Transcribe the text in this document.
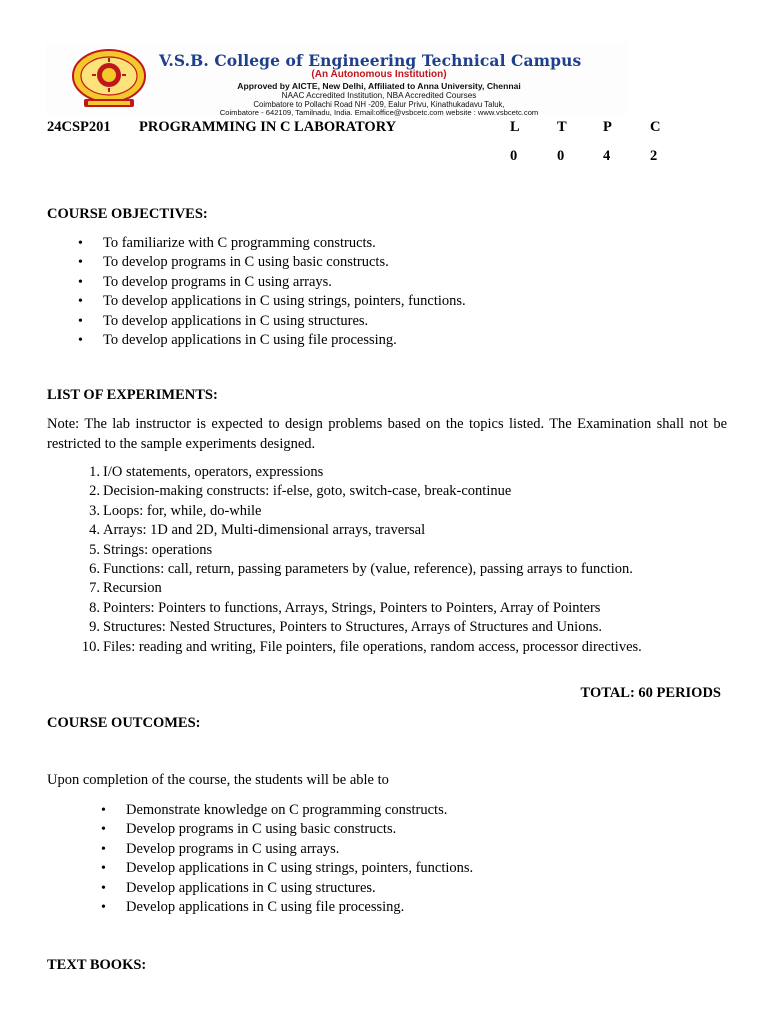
V.S.B. College of Engineering Technical Campus
(An Autonomous Institution)
Approved by AICTE, New Delhi, Affiliated to Anna University, Chennai
NAAC Accredited Institution, NBA Accredited Courses
Coimbatore to Pollachi Road NH -209, Ealur Privu, Kinathukadavu Taluk,
Coimbatore - 642109, Tamilnadu, India. Email:office@vsbcetc.com website : www.vsbcetc.com
24CSP201 PROGRAMMING IN C LABORATORY	L	T	P	C
0	0	4	2
COURSE OBJECTIVES:
• To familiarize with C programming constructs.
• To develop programs in C using basic constructs.
• To develop programs in C using arrays.
• To develop applications in C using strings, pointers, functions.
• To develop applications in C using structures.
• To develop applications in C using file processing.
LIST OF EXPERIMENTS:
Note: The lab instructor is expected to design problems based on the topics listed. The Examination shall not be restricted to the sample experiments designed.
1. I/O statements, operators, expressions
2. Decision-making constructs: if-else, goto, switch-case, break-continue
3. Loops: for, while, do-while
4. Arrays: 1D and 2D, Multi-dimensional arrays, traversal
5. Strings: operations
6. Functions: call, return, passing parameters by (value, reference), passing arrays to function.
7. Recursion
8. Pointers: Pointers to functions, Arrays, Strings, Pointers to Pointers, Array of Pointers
9. Structures: Nested Structures, Pointers to Structures, Arrays of Structures and Unions.
10. Files: reading and writing, File pointers, file operations, random access, processor directives.
TOTAL: 60 PERIODS
COURSE OUTCOMES:
Upon completion of the course, the students will be able to
• Demonstrate knowledge on C programming constructs.
• Develop programs in C using basic constructs.
• Develop programs in C using arrays.
• Develop applications in C using strings, pointers, functions.
• Develop applications in C using structures.
• Develop applications in C using file processing.
TEXT BOOKS:
